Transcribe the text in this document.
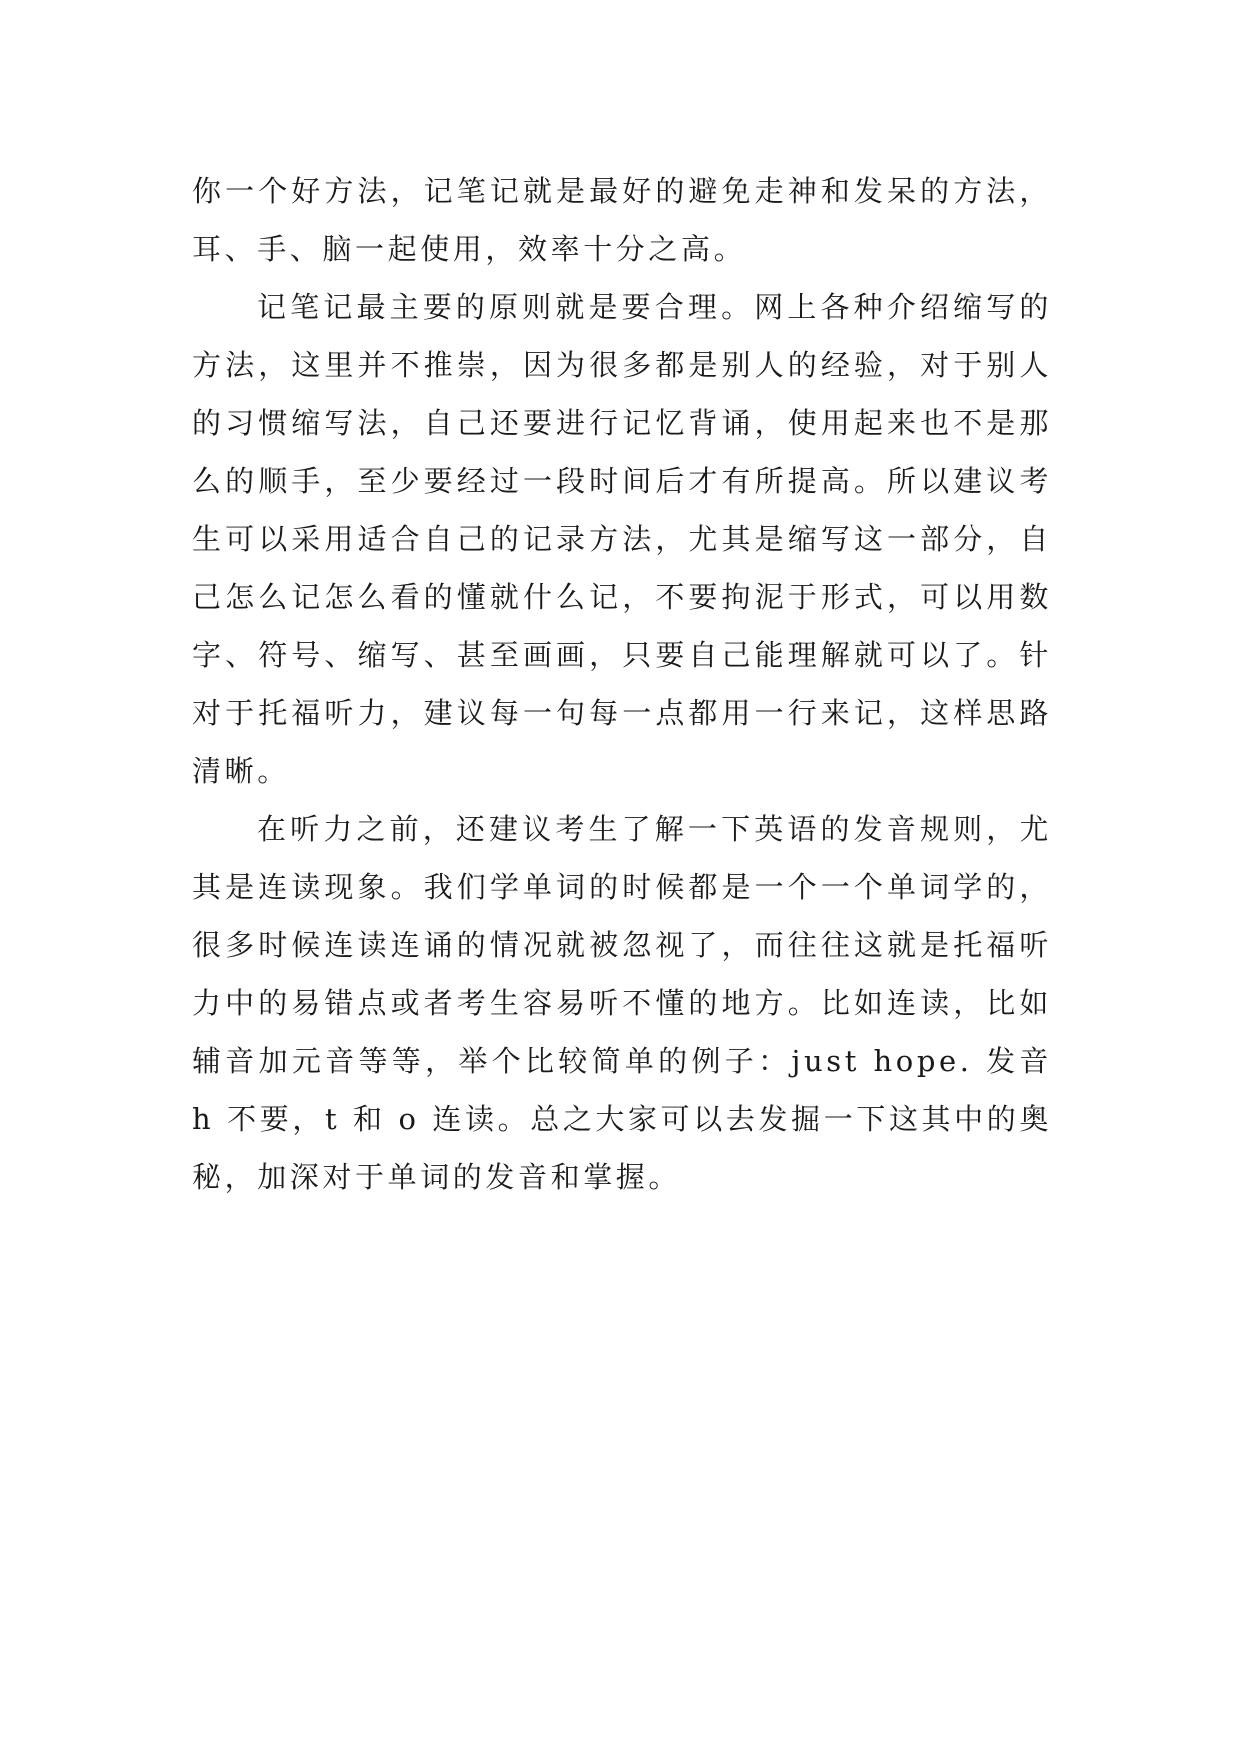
你一个好方法，记笔记就是最好的避免走神和发呆的方法，耳、手、脑一起使用，效率十分之高。

记笔记最主要的原则就是要合理。网上各种介绍缩写的方法，这里并不推崇，因为很多都是别人的经验，对于别人的习惯缩写法，自己还要进行记忆背诵，使用起来也不是那么的顺手，至少要经过一段时间后才有所提高。所以建议考生可以采用适合自己的记录方法，尤其是缩写这一部分，自己怎么记怎么看的懂就什么记，不要拘泥于形式，可以用数字、符号、缩写、甚至画画，只要自己能理解就可以了。针对于托福听力，建议每一句每一点都用一行来记，这样思路清晰。

在听力之前，还建议考生了解一下英语的发音规则，尤其是连读现象。我们学单词的时候都是一个一个单词学的，很多时候连读连诵的情况就被忽视了，而往往这就是托福听力中的易错点或者考生容易听不懂的地方。比如连读，比如辅音加元音等等，举个比较简单的例子：just hope. 发音 h 不要，t 和 o 连读。总之大家可以去发掘一下这其中的奥秘，加深对于单词的发音和掌握。
